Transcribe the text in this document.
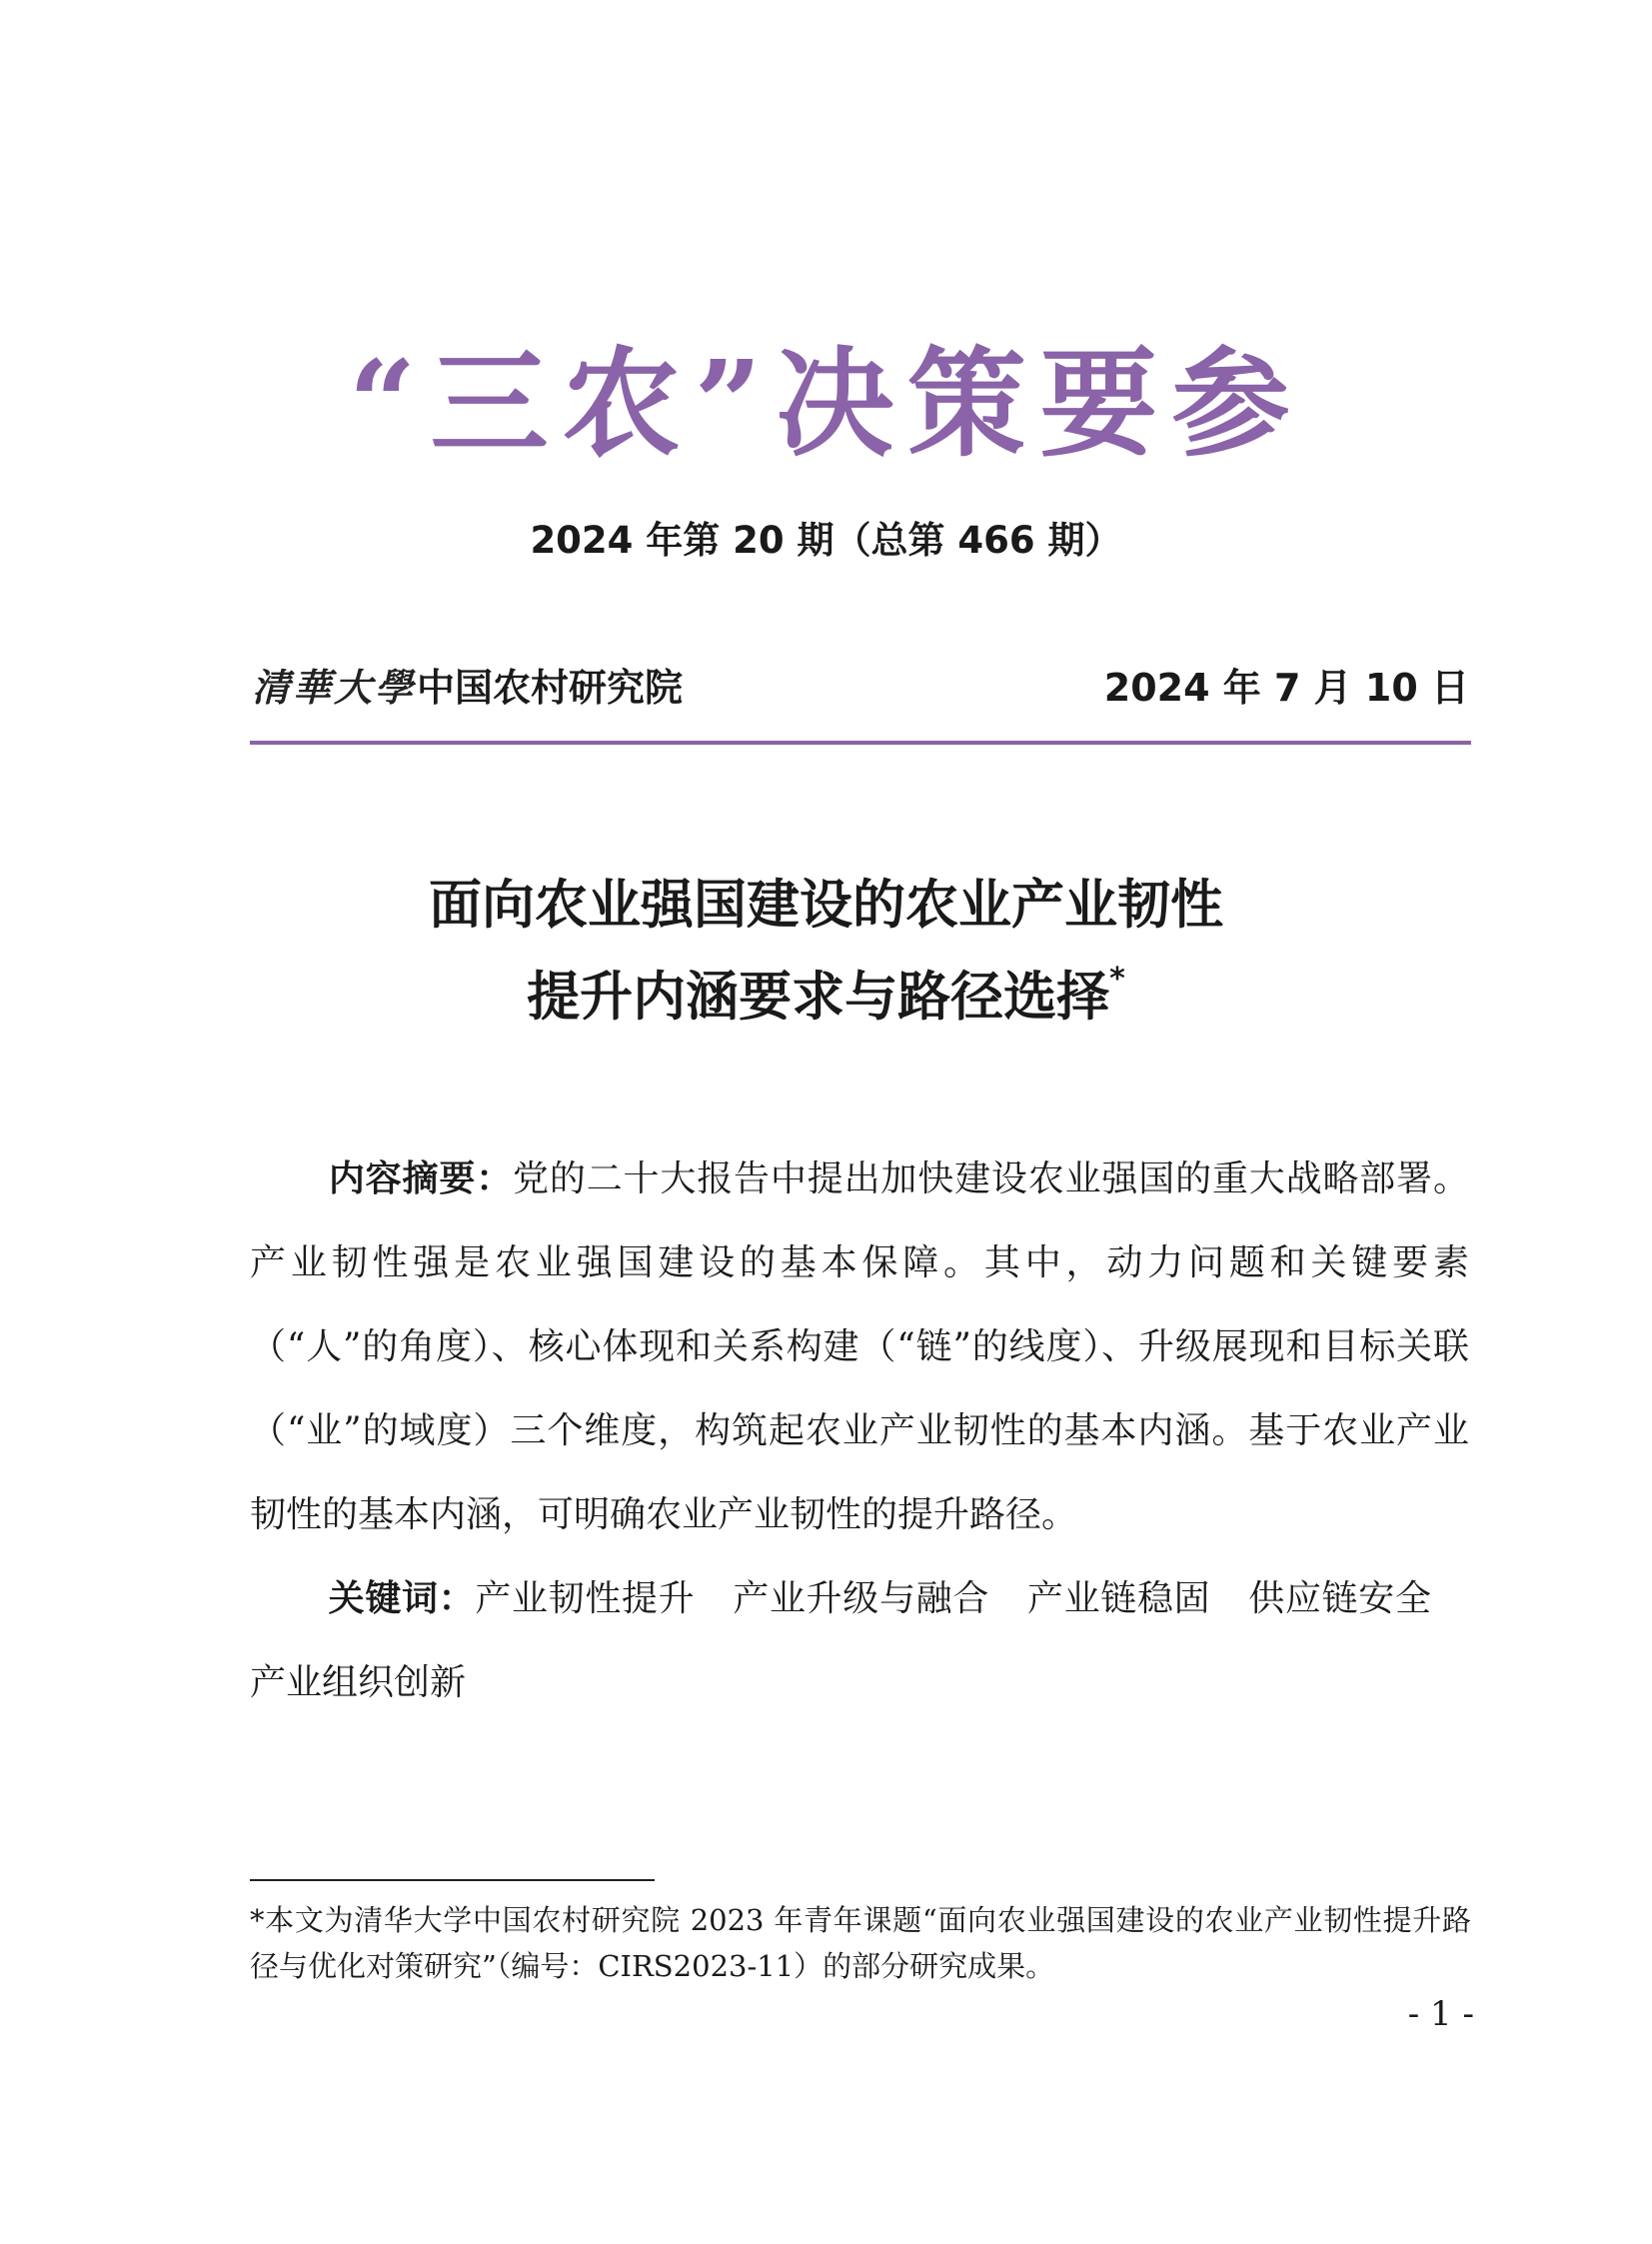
“三农”决策要参
2024 年第 20 期（总第 466 期）
清華大學 中国农村研究院	2024 年 7 月 10 日
面向农业强国建设的农业产业韧性
提升内涵要求与路径选择*
内容摘要：党的二十大报告中提出加快建设农业强国的重大战略部署。产业韧性强是农业强国建设的基本保障。其中，动力问题和关键要素（“人”的角度）、核心体现和关系构建（“链”的线度）、升级展现和目标关联（“业”的域度）三个维度，构筑起农业产业韧性的基本内涵。基于农业产业韧性的基本内涵，可明确农业产业韧性的提升路径。
关键词：产业韧性提升 产业升级与融合 产业链稳固 供应链安全产业组织创新
*本文为清华大学中国农村研究院 2023 年青年课题“面向农业强国建设的农业产业韧性提升路径与优化对策研究”（编号：CIRS2023-11）的部分研究成果。
- 1 -
